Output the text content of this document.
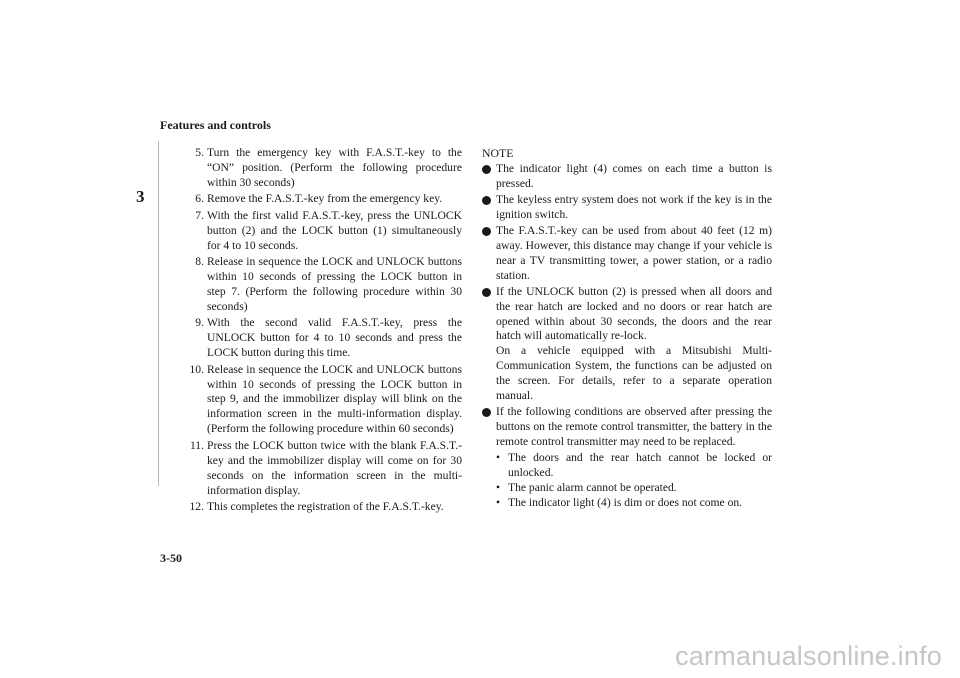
Features and controls
3
5. Turn the emergency key with F.A.S.T.-key to the “ON” position. (Perform the following procedure within 30 seconds)
6. Remove the F.A.S.T.-key from the emergency key.
7. With the first valid F.A.S.T.-key, press the UNLOCK button (2) and the LOCK button (1) simultaneously for 4 to 10 seconds.
8. Release in sequence the LOCK and UNLOCK buttons within 10 seconds of pressing the LOCK button in step 7. (Perform the following procedure within 30 seconds)
9. With the second valid F.A.S.T.-key, press the UNLOCK button for 4 to 10 seconds and press the LOCK button during this time.
10. Release in sequence the LOCK and UNLOCK buttons within 10 seconds of pressing the LOCK button in step 9, and the immobilizer display will blink on the information screen in the multi-information display. (Perform the following procedure within 60 seconds)
11. Press the LOCK button twice with the blank F.A.S.T.-key and the immobilizer display will come on for 30 seconds on the information screen in the multi-information display.
12. This completes the registration of the F.A.S.T.-key.
NOTE
The indicator light (4) comes on each time a button is pressed.
The keyless entry system does not work if the key is in the ignition switch.
The F.A.S.T.-key can be used from about 40 feet (12 m) away. However, this distance may change if your vehicle is near a TV transmitting tower, a power station, or a radio station.
If the UNLOCK button (2) is pressed when all doors and the rear hatch are locked and no doors or rear hatch are opened within about 30 seconds, the doors and the rear hatch will automatically re-lock.
On a vehicle equipped with a Mitsubishi Multi-Communication System, the functions can be adjusted on the screen. For details, refer to a separate operation manual.
If the following conditions are observed after pressing the buttons on the remote control transmitter, the battery in the remote control transmitter may need to be replaced.
• The doors and the rear hatch cannot be locked or unlocked.
• The panic alarm cannot be operated.
• The indicator light (4) is dim or does not come on.
3-50
carmanualsonline.info
